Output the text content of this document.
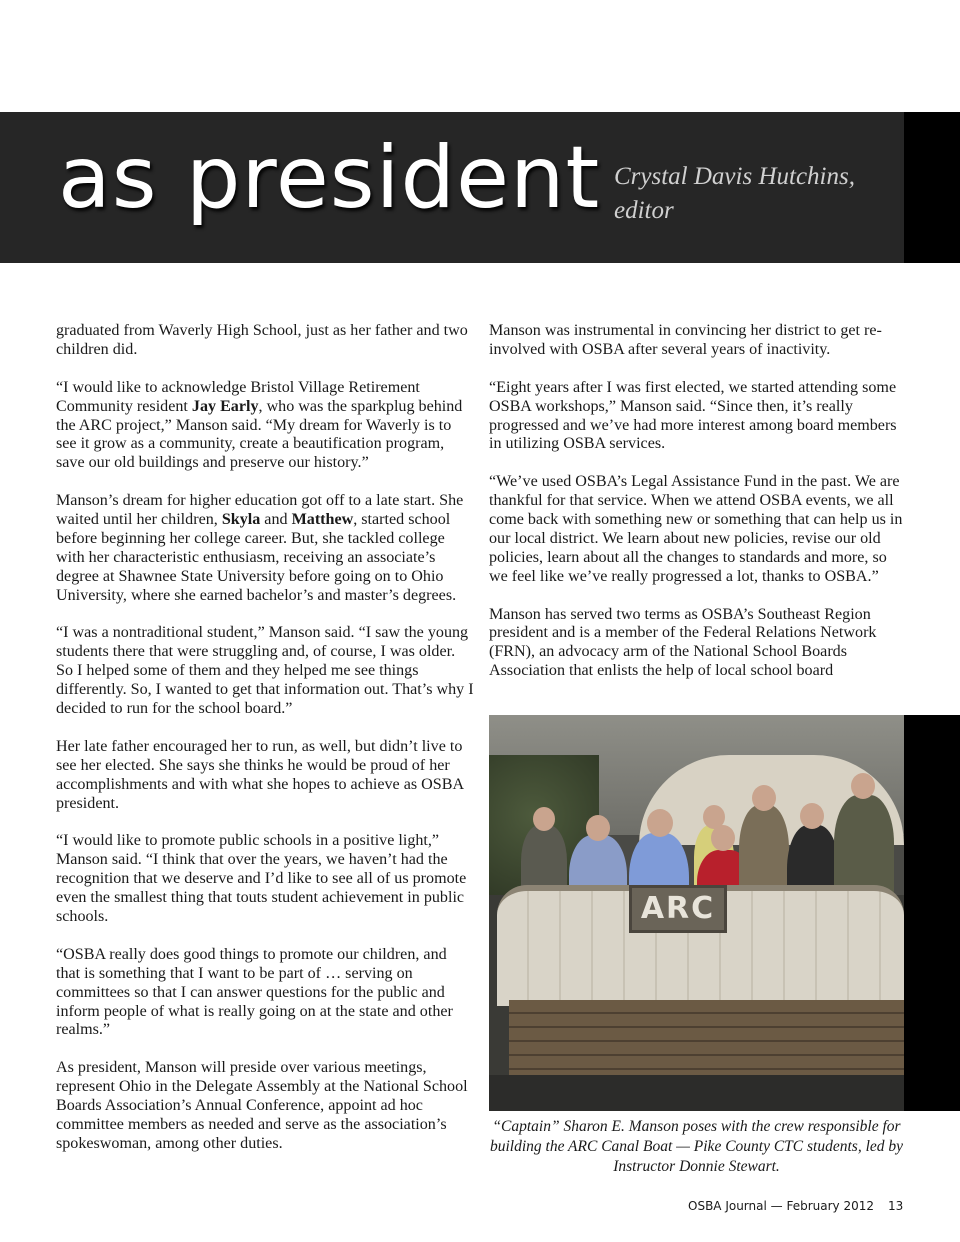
as president Crystal Davis Hutchins, editor

graduated from Waverly High School, just as her father and two children did.

“I would like to acknowledge Bristol Village Retirement Community resident Jay Early, who was the sparkplug behind the ARC project,” Manson said. “My dream for Waverly is to see it grow as a community, create a beautification program, save our old buildings and preserve our history.”

Manson’s dream for higher education got off to a late start. She waited until her children, Skyla and Matthew, started school before beginning her college career. But, she tackled college with her characteristic enthusiasm, receiving an associate’s degree at Shawnee State University before going on to Ohio University, where she earned bachelor’s and master’s degrees.

“I was a nontraditional student,” Manson said. “I saw the young students there that were struggling and, of course, I was older. So I helped some of them and they helped me see things differently. So, I wanted to get that information out. That’s why I decided to run for the school board.”

Her late father encouraged her to run, as well, but didn’t live to see her elected. She says she thinks he would be proud of her accomplishments and with what she hopes to achieve as OSBA president.

“I would like to promote public schools in a positive light,” Manson said. “I think that over the years, we haven’t had the recognition that we deserve and I’d like to see all of us promote even the smallest thing that touts student achievement in public schools.

“OSBA really does good things to promote our children, and that is something that I want to be part of … serving on committees so that I can answer questions for the public and inform people of what is really going on at the state and other realms.”

As president, Manson will preside over various meetings, represent Ohio in the Delegate Assembly at the National School Boards Association’s Annual Conference, appoint ad hoc committee members as needed and serve as the association’s spokeswoman, among other duties.

Manson was instrumental in convincing her district to get re-involved with OSBA after several years of inactivity.

“Eight years after I was first elected, we started attending some OSBA workshops,” Manson said. “Since then, it’s really progressed and we’ve had more interest among board members in utilizing OSBA services.

“We’ve used OSBA’s Legal Assistance Fund in the past. We are thankful for that service. When we attend OSBA events, we all come back with something new or something that can help us in our local district. We learn about new policies, revise our old policies, learn about all the changes to standards and more, so we feel like we’ve really progressed a lot, thanks to OSBA.”

Manson has served two terms as OSBA’s Southeast Region president and is a member of the Federal Relations Network (FRN), an advocacy arm of the National School Boards Association that enlists the help of local school board

ARC
“Captain” Sharon E. Manson poses with the crew responsible for building the ARC Canal Boat — Pike County CTC students, led by Instructor Donnie Stewart.
OSBA Journal — February 2012 13
